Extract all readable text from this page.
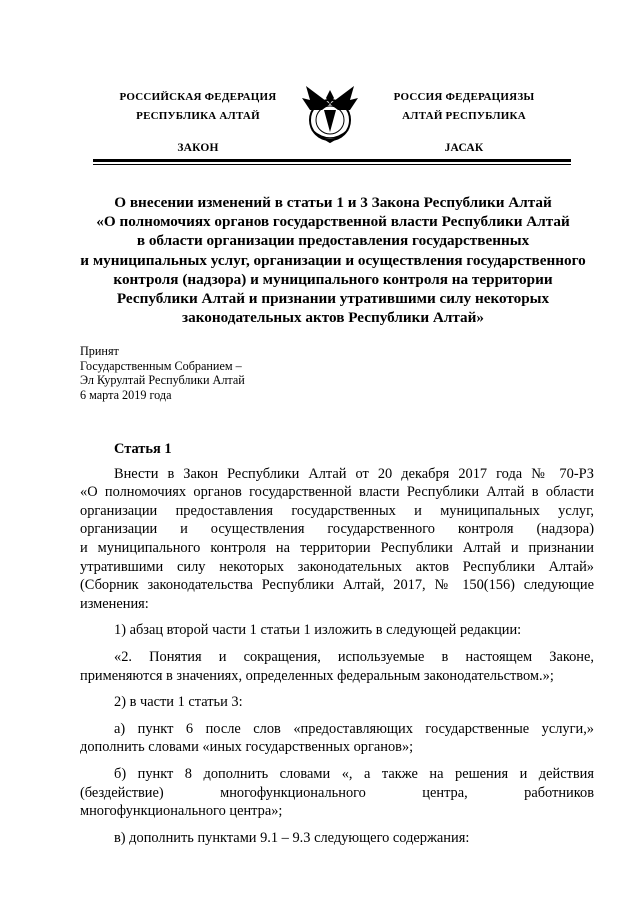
РОССИЙСКАЯ ФЕДЕРАЦИЯ
РЕСПУБЛИКА АЛТАЙ
ЗАКОН
РОССИЯ ФЕДЕРАЦИЯЗЫ
АЛТАЙ РЕСПУБЛИКА
JАСАК
О внесении изменений в статьи 1 и 3 Закона Республики Алтай
«О полномочиях органов государственной власти Республики Алтай
в области организации предоставления государственных
и муниципальных услуг, организации и осуществления государственного
контроля (надзора) и муниципального контроля на территории
Республики Алтай и признании утратившими силу некоторых
законодательных актов Республики Алтай»
Принят
Государственным Собранием –
Эл Курултай Республики Алтай
6 марта 2019 года
Статья 1
Внести в Закон Республики Алтай от 20 декабря 2017 года № 70-РЗ
«О полномочиях органов государственной власти Республики Алтай в области
организации предоставления государственных и муниципальных услуг,
организации и осуществления государственного контроля (надзора)
и муниципального контроля на территории Республики Алтай и признании
утратившими силу некоторых законодательных актов Республики Алтай»
(Сборник законодательства Республики Алтай, 2017, № 150(156) следующие
изменения:
1) абзац второй части 1 статьи 1 изложить в следующей редакции:
«2. Понятия и сокращения, используемые в настоящем Законе,
применяются в значениях, определенных федеральным законодательством.»;
2) в части 1 статьи 3:
а) пункт 6 после слов «предоставляющих государственные услуги,»
дополнить словами «иных государственных органов»;
б) пункт 8 дополнить словами «, а также на решения и действия
(бездействие) многофункционального центра, работников
многофункционального центра»;
в) дополнить пунктами 9.1 – 9.3 следующего содержания:
